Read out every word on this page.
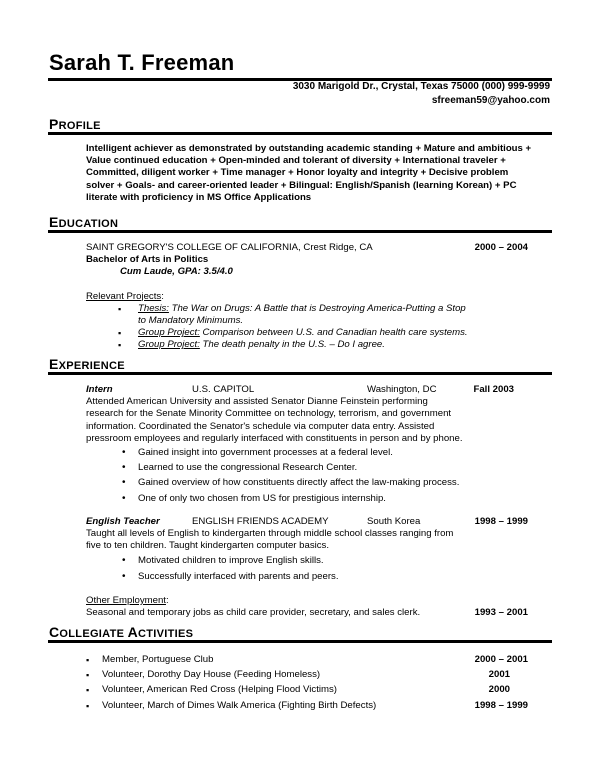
Sarah T. Freeman
3030 Marigold Dr., Crystal, Texas 75000 (000) 999-9999
sfreeman59@yahoo.com
PROFILE
Intelligent achiever as demonstrated by outstanding academic standing + Mature and ambitious +
Value continued education + Open-minded and tolerant of diversity + International traveler +
Committed, diligent worker + Time manager + Honor loyalty and integrity + Decisive problem
solver + Goals- and career-oriented leader + Bilingual: English/Spanish (learning Korean) + PC
literate with proficiency in MS Office Applications
EDUCATION
SAINT GREGORY'S COLLEGE OF CALIFORNIA, Crest Ridge, CA	2000 – 2004
Bachelor of Arts in Politics
Cum Laude, GPA: 3.5/4.0
Relevant Projects:
▪ Thesis: The War on Drugs: A Battle that is Destroying America-Putting a Stop
to Mandatory Minimums.
▪ Group Project: Comparison between U.S. and Canadian health care systems.
▪ Group Project: The death penalty in the U.S. – Do I agree.
EXPERIENCE
Intern	U.S. CAPITOL	Washington, DC	Fall 2003
Attended American University and assisted Senator Dianne Feinstein performing
research for the Senate Minority Committee on technology, terrorism, and government
information. Coordinated the Senator's schedule via computer data entry. Assisted
pressroom employees and regularly interfaced with constituents in person and by phone.
• Gained insight into government processes at a federal level.
• Learned to use the congressional Research Center.
• Gained overview of how constituents directly affect the law-making process.
• One of only two chosen from US for prestigious internship.
English Teacher	ENGLISH FRIENDS ACADEMY	South Korea	1998 – 1999
Taught all levels of English to kindergarten through middle school classes ranging from
five to ten children. Taught kindergarten computer basics.
• Motivated children to improve English skills.
• Successfully interfaced with parents and peers.
Other Employment:
Seasonal and temporary jobs as child care provider, secretary, and sales clerk.	1993 – 2001
COLLEGIATE ACTIVITIES
▪ Member, Portuguese Club	2000 – 2001
▪ Volunteer, Dorothy Day House (Feeding Homeless)	2001
▪ Volunteer, American Red Cross (Helping Flood Victims)	2000
▪ Volunteer, March of Dimes Walk America (Fighting Birth Defects)	1998 – 1999
